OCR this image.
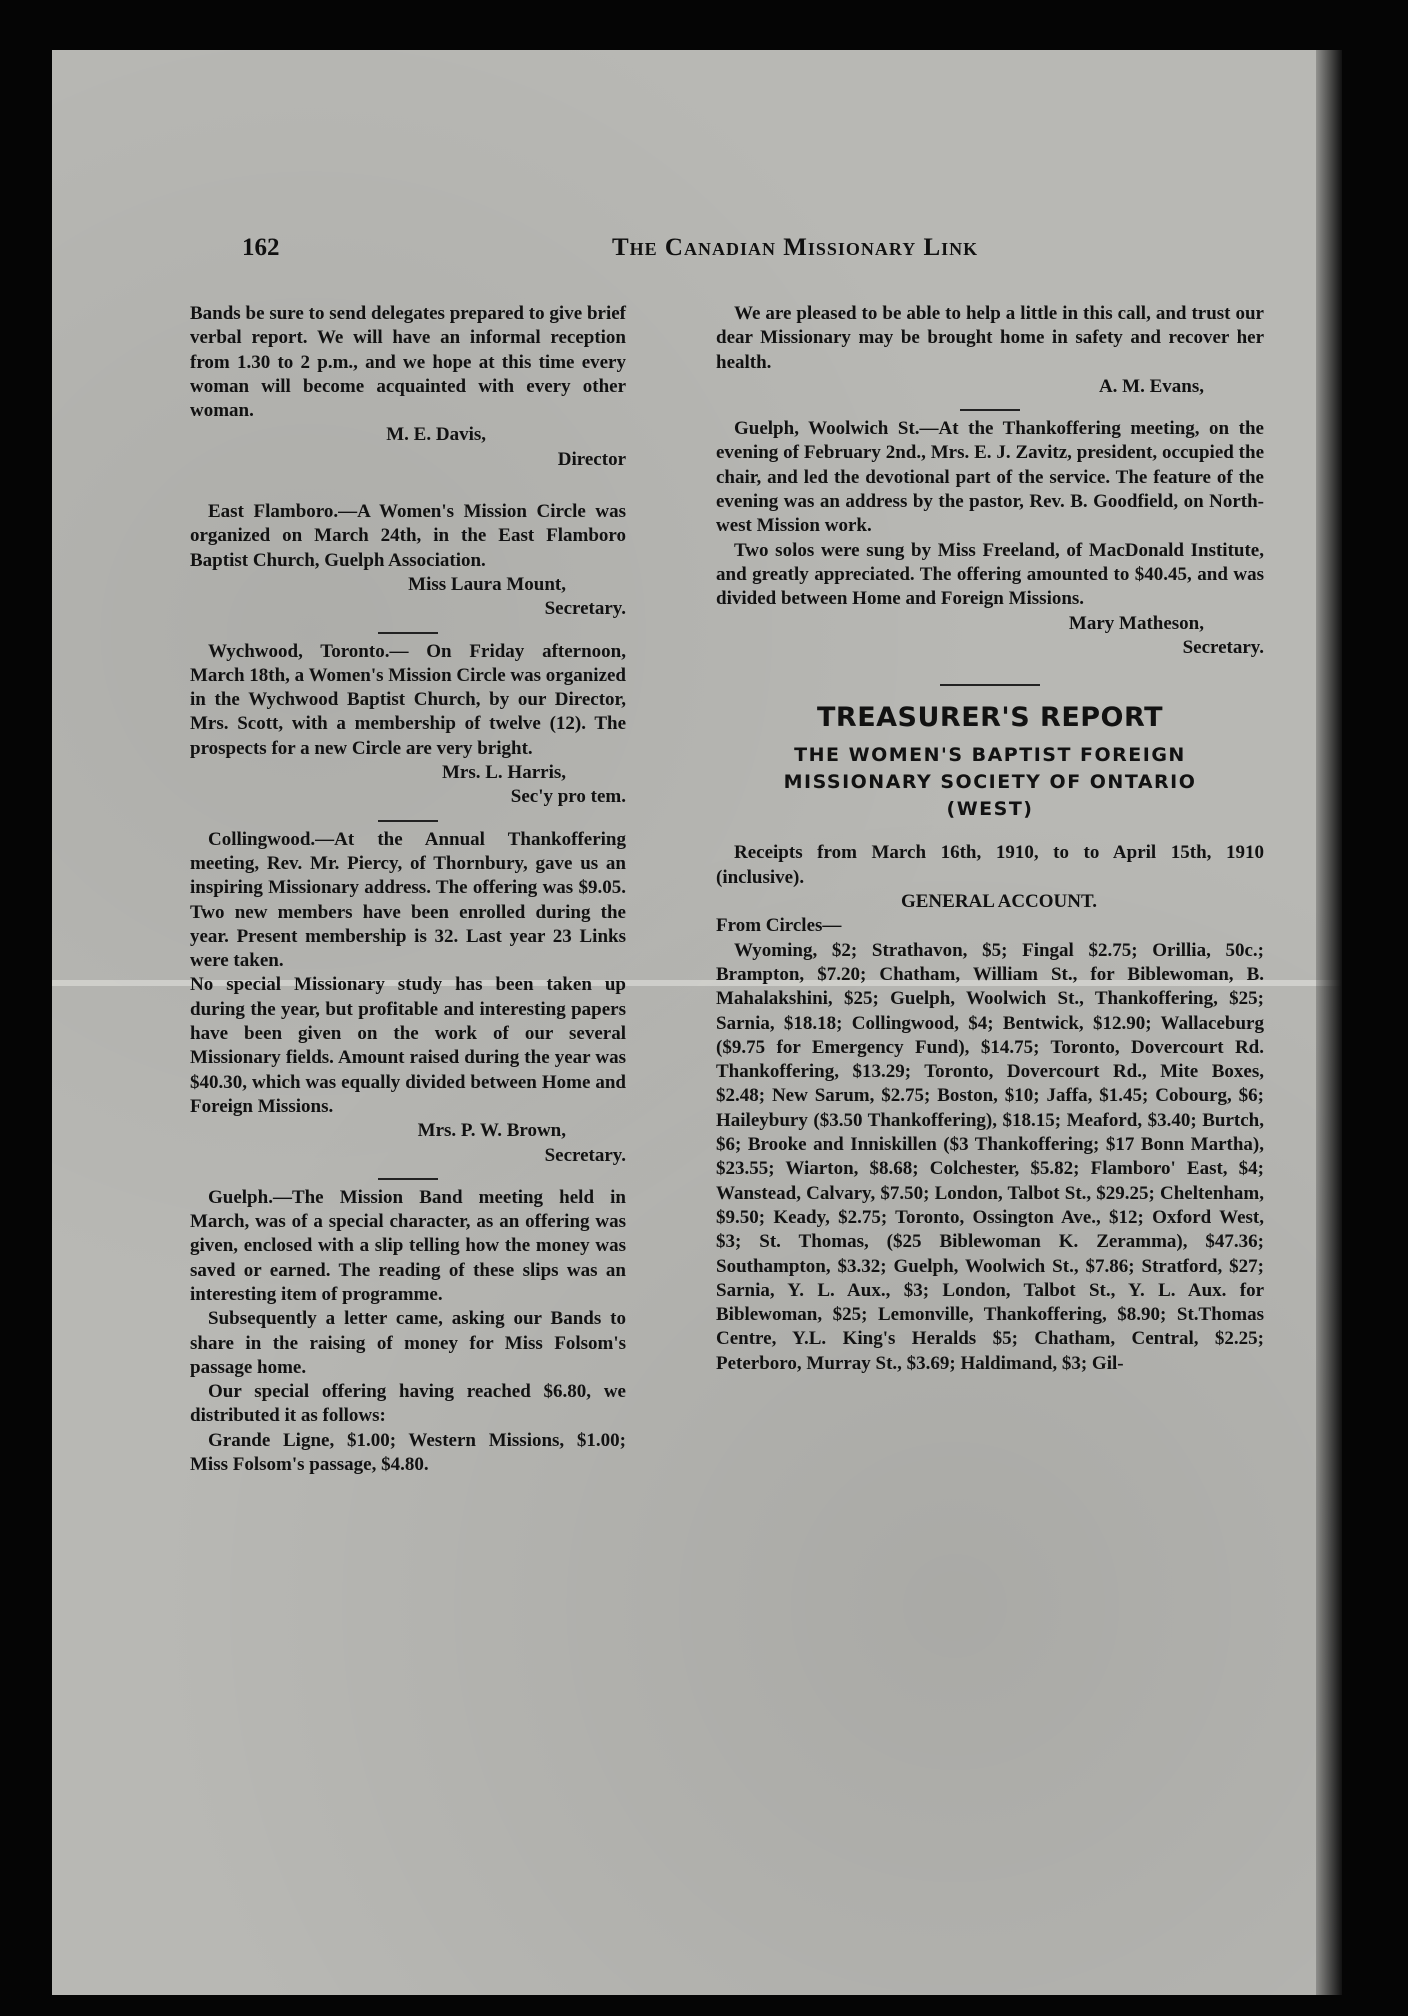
162	The Canadian Missionary Link

Bands be sure to send delegates prepared to give brief verbal report. We will have an informal reception from 1.30 to 2 p.m., and we hope at this time every woman will become acquainted with every other woman.

M. E. Davis,

Director

East Flamboro.—A Women's Mission Circle was organized on March 24th, in the East Flamboro Baptist Church, Guelph Association.

Miss Laura Mount,

Secretary.

Wychwood, Toronto.— On Friday afternoon, March 18th, a Women's Mission Circle was organized in the Wychwood Baptist Church, by our Director, Mrs. Scott, with a membership of twelve (12). The prospects for a new Circle are very bright.

Mrs. L. Harris,

Sec'y pro tem.

Collingwood.—At the Annual Thankoffering meeting, Rev. Mr. Piercy, of Thornbury, gave us an inspiring Missionary address. The offering was $9.05. Two new members have been enrolled during the year. Present membership is 32. Last year 23 Links were taken.

No special Missionary study has been taken up during the year, but profitable and interesting papers have been given on the work of our several Missionary fields. Amount raised during the year was $40.30, which was equally divided between Home and Foreign Missions.

Mrs. P. W. Brown,

Secretary.

Guelph.—The Mission Band meeting held in March, was of a special character, as an offering was given, enclosed with a slip telling how the money was saved or earned. The reading of these slips was an interesting item of programme.

Subsequently a letter came, asking our Bands to share in the raising of money for Miss Folsom's passage home.

Our special offering having reached $6.80, we distributed it as follows:

Grande Ligne, $1.00; Western Missions, $1.00; Miss Folsom's passage, $4.80.

We are pleased to be able to help a little in this call, and trust our dear Missionary may be brought home in safety and recover her health.

A. M. Evans,

Guelph, Woolwich St.—At the Thankoffering meeting, on the evening of February 2nd., Mrs. E. J. Zavitz, president, occupied the chair, and led the devotional part of the service. The feature of the evening was an address by the pastor, Rev. B. Goodfield, on North-west Mission work.

Two solos were sung by Miss Freeland, of MacDonald Institute, and greatly appreciated. The offering amounted to $40.45, and was divided between Home and Foreign Missions.

Mary Matheson,

Secretary.

TREASURER'S REPORT
THE WOMEN'S BAPTIST FOREIGN
MISSIONARY SOCIETY OF ONTARIO
(WEST)

Receipts from March 16th, 1910, to to April 15th, 1910 (inclusive).

GENERAL ACCOUNT.

From Circles—

Wyoming, $2; Strathavon, $5; Fingal $2.75; Orillia, 50c.; Brampton, $7.20; Chatham, William St., for Biblewoman, B. Mahalakshini, $25; Guelph, Woolwich St., Thankoffering, $25; Sarnia, $18.18; Collingwood, $4; Bentwick, $12.90; Wallaceburg ($9.75 for Emergency Fund), $14.75; Toronto, Dovercourt Rd. Thankoffering, $13.29; Toronto, Dovercourt Rd., Mite Boxes, $2.48; New Sarum, $2.75; Boston, $10; Jaffa, $1.45; Cobourg, $6; Haileybury ($3.50 Thankoffering), $18.15; Meaford, $3.40; Burtch, $6; Brooke and Inniskillen ($3 Thankoffering; $17 Bonn Martha), $23.55; Wiarton, $8.68; Colchester, $5.82; Flamboro' East, $4; Wanstead, Calvary, $7.50; London, Talbot St., $29.25; Cheltenham, $9.50; Keady, $2.75; Toronto, Ossington Ave., $12; Oxford West, $3; St. Thomas, ($25 Biblewoman K. Zeramma), $47.36; Southampton, $3.32; Guelph, Woolwich St., $7.86; Stratford, $27; Sarnia, Y. L. Aux., $3; London, Talbot St., Y. L. Aux. for Biblewoman, $25; Lemonville, Thankoffering, $8.90; St.Thomas Centre, Y.L. King's Heralds $5; Chatham, Central, $2.25; Peterboro, Murray St., $3.69; Haldimand, $3; Gil-
